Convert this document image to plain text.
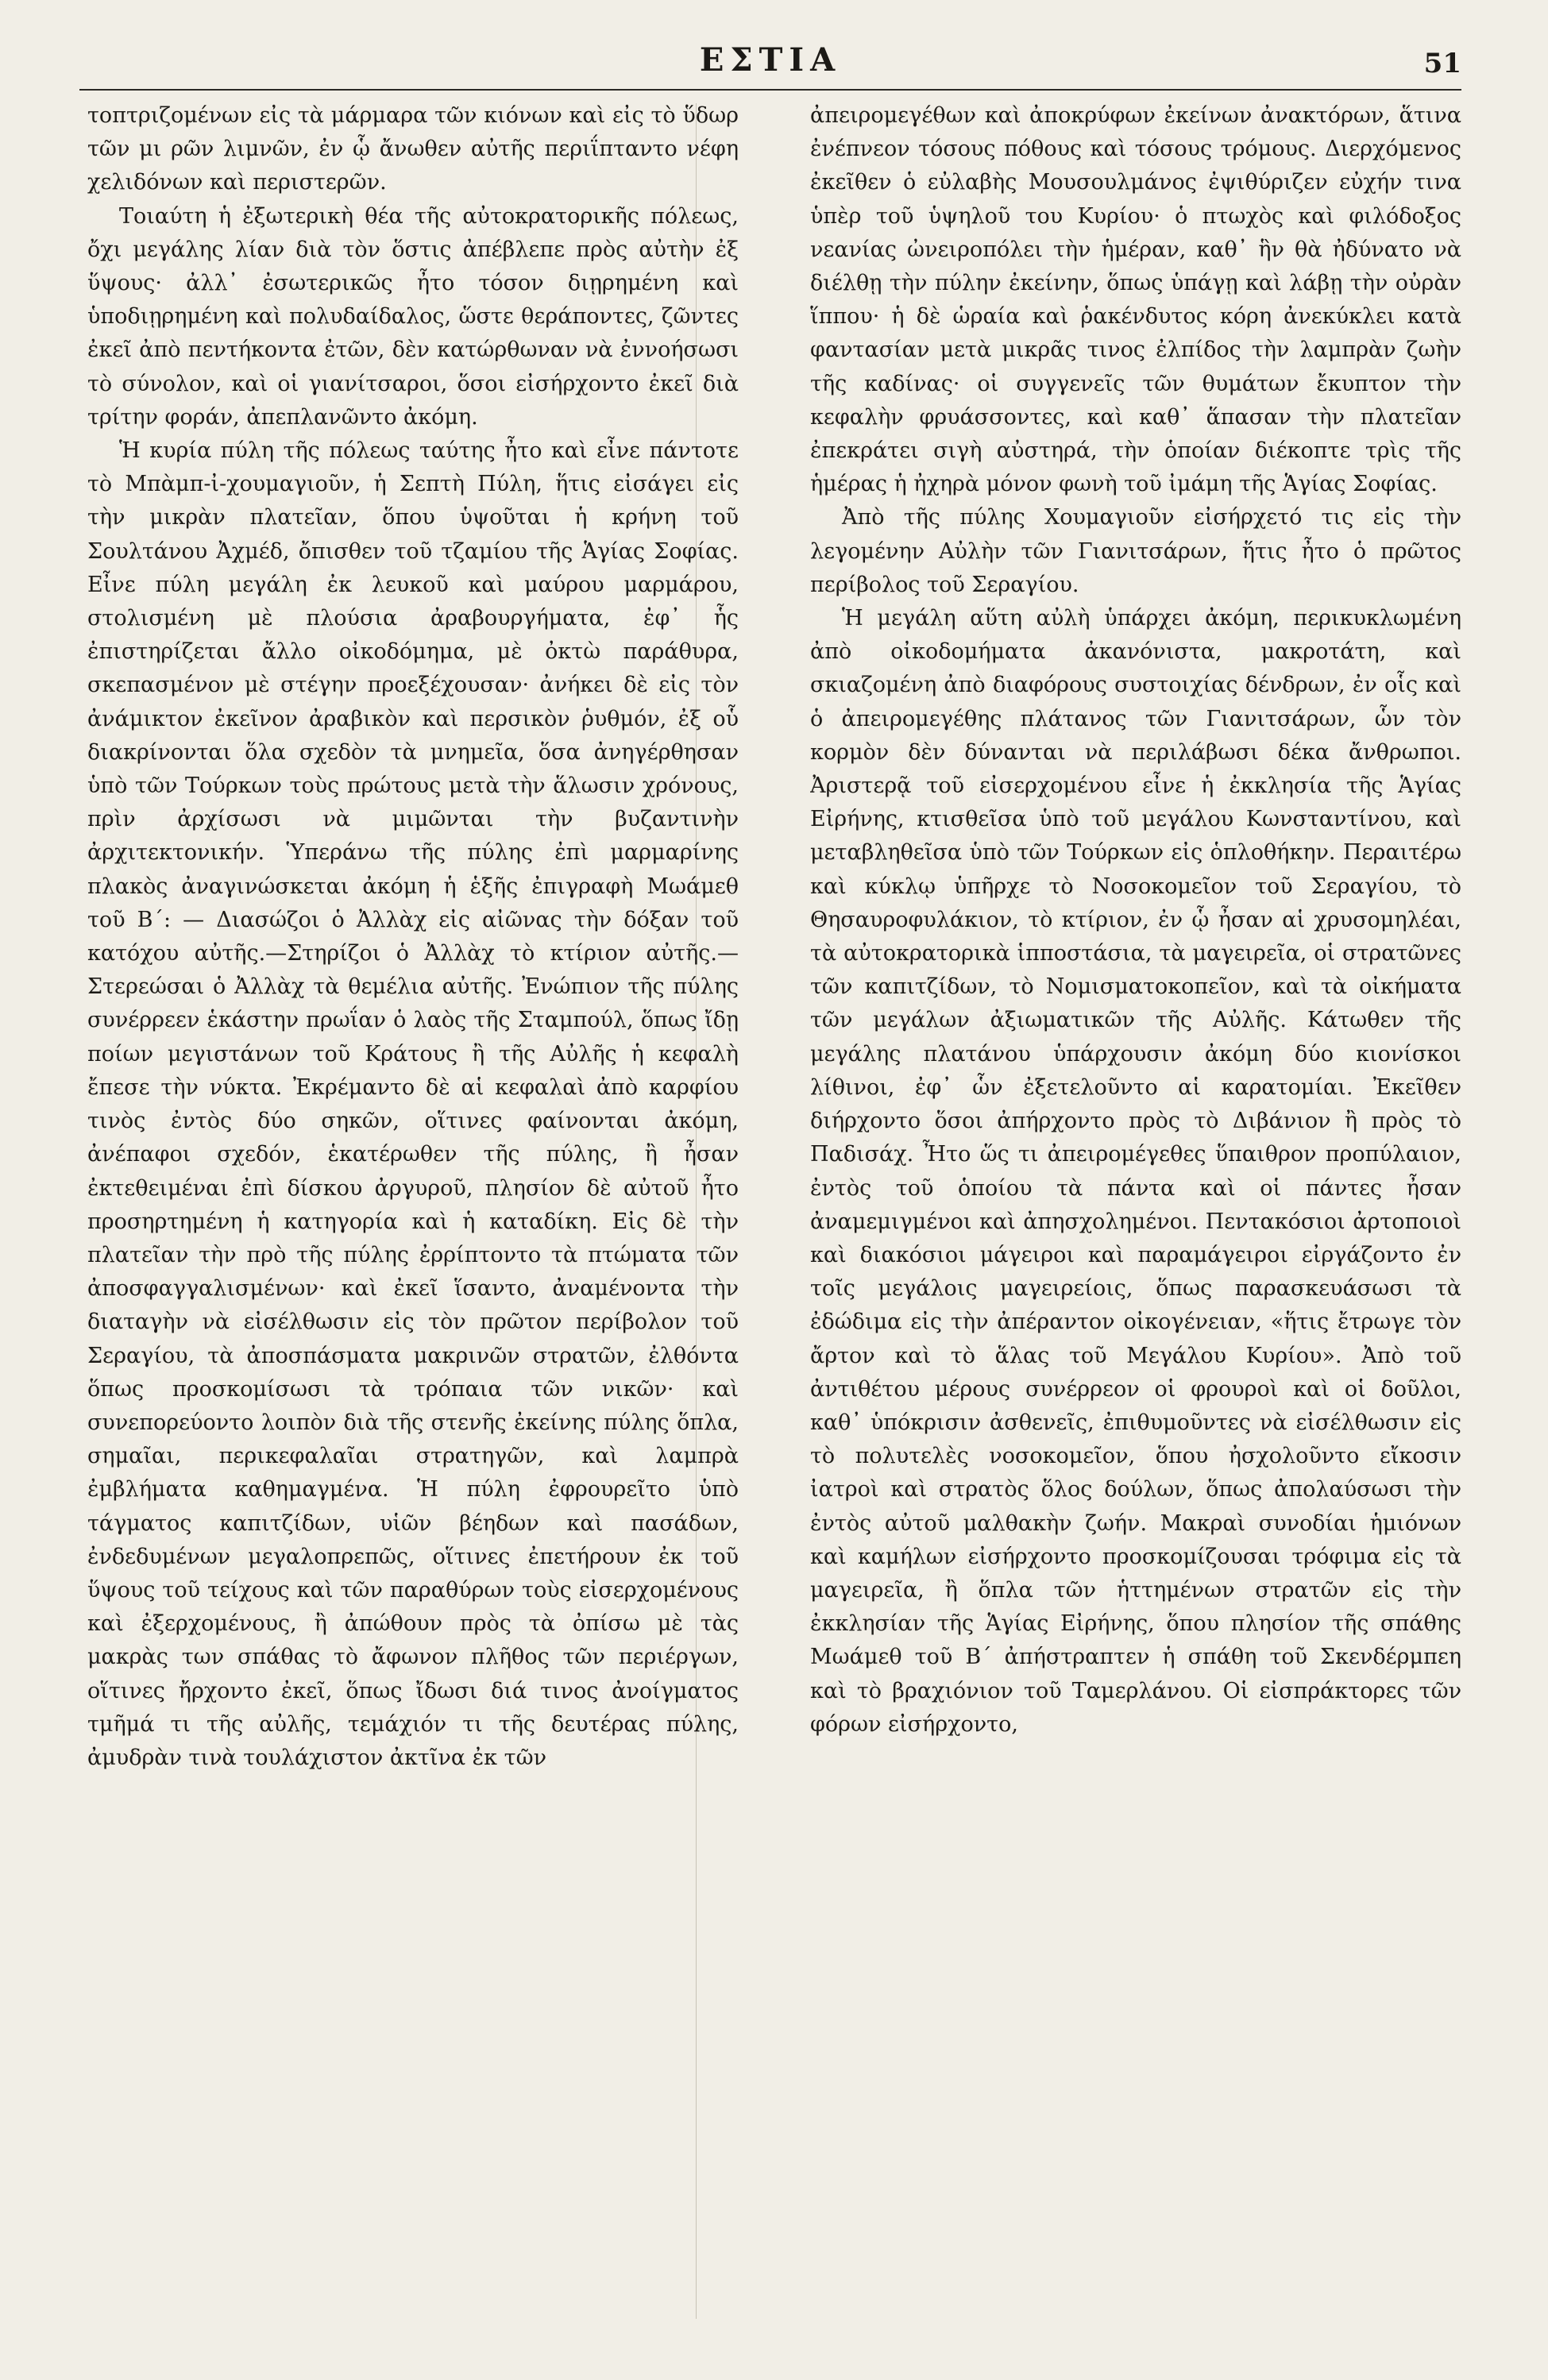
ΕΣΤΙΑ	51

τοπτριζομένων εἰς τὰ μάρμαρα τῶν κιόνων καὶ εἰς τὸ ὕδωρ τῶν μι ρῶν λιμνῶν, ἐν ᾧ ἄνωθεν αὐτῆς περιΐπταντο νέφη χελιδόνων καὶ περιστερῶν.

Τοιαύτη ἡ ἐξωτερικὴ θέα τῆς αὐτοκρατορικῆς πόλεως, ὄχι μεγάλης λίαν διὰ τὸν ὅστις ἀπέβλεπε πρὸς αὐτὴν ἐξ ὕψους· ἀλλ᾽ ἐσωτερικῶς ἦτο τόσον διῃρημένη καὶ ὑποδιῃρημένη καὶ πολυδαίδαλος, ὥστε θεράποντες, ζῶντες ἐκεῖ ἀπὸ πεντήκοντα ἐτῶν, δὲν κατώρθωναν νὰ ἐννοήσωσι τὸ σύνολον, καὶ οἱ γιανίτσαροι, ὅσοι εἰσήρχοντο ἐκεῖ διὰ τρίτην φοράν, ἀπεπλανῶντο ἀκόμη.

Ἡ κυρία πύλη τῆς πόλεως ταύτης ἦτο καὶ εἶνε πάντοτε τὸ Μπὰμπ-ἰ-χουμαγιοῦν, ἡ Σεπτὴ Πύλη, ἥτις εἰσάγει εἰς τὴν μικρὰν πλατεῖαν, ὅπου ὑψοῦται ἡ κρήνη τοῦ Σουλτάνου Ἀχμέδ, ὄπισθεν τοῦ τζαμίου τῆς Ἁγίας Σοφίας. Εἶνε πύλη μεγάλη ἐκ λευκοῦ καὶ μαύρου μαρμάρου, στολισμένη μὲ πλούσια ἀραβουργήματα, ἐφ᾽ ἧς ἐπιστηρίζεται ἄλλο οἰκοδόμημα, μὲ ὀκτὼ παράθυρα, σκεπασμένον μὲ στέγην προεξέχουσαν· ἀνήκει δὲ εἰς τὸν ἀνάμικτον ἐκεῖνον ἀραβικὸν καὶ περσικὸν ῥυθμόν, ἐξ οὗ διακρίνονται ὅλα σχεδὸν τὰ μνημεῖα, ὅσα ἀνηγέρθησαν ὑπὸ τῶν Τούρκων τοὺς πρώτους μετὰ τὴν ἅλωσιν χρόνους, πρὶν ἀρχίσωσι νὰ μιμῶνται τὴν βυζαντινὴν ἀρχιτεκτονικήν. Ὑπεράνω τῆς πύλης ἐπὶ μαρμαρίνης πλακὸς ἀναγινώσκεται ἀκόμη ἡ ἑξῆς ἐπιγραφὴ Μωάμεθ τοῦ Β΄: — Διασώζοι ὁ Ἀλλὰχ εἰς αἰῶνας τὴν δόξαν τοῦ κατόχου αὐτῆς.—Στηρίζοι ὁ Ἀλλὰχ τὸ κτίριον αὐτῆς.—Στερεώσαι ὁ Ἀλλὰχ τὰ θεμέλια αὐτῆς. Ἐνώπιον τῆς πύλης συνέρρεεν ἑκάστην πρωΐαν ὁ λαὸς τῆς Σταμπούλ, ὅπως ἴδῃ ποίων μεγιστάνων τοῦ Κράτους ἢ τῆς Αὐλῆς ἡ κεφαλὴ ἔπεσε τὴν νύκτα. Ἐκρέμαντο δὲ αἱ κεφαλαὶ ἀπὸ καρφίου τινὸς ἐντὸς δύο σηκῶν, οἵτινες φαίνονται ἀκόμη, ἀνέπαφοι σχεδόν, ἑκατέρωθεν τῆς πύλης, ἢ ἦσαν ἐκτεθειμέναι ἐπὶ δίσκου ἀργυροῦ, πλησίον δὲ αὐτοῦ ἦτο προσηρτημένη ἡ κατηγορία καὶ ἡ καταδίκη. Εἰς δὲ τὴν πλατεῖαν τὴν πρὸ τῆς πύλης ἐρρίπτοντο τὰ πτώματα τῶν ἀποσφαγγαλισμένων· καὶ ἐκεῖ ἵσαντο, ἀναμένοντα τὴν διαταγὴν νὰ εἰσέλθωσιν εἰς τὸν πρῶτον περίβολον τοῦ Σεραγίου, τὰ ἀποσπάσματα μακρινῶν στρατῶν, ἐλθόντα ὅπως προσκομίσωσι τὰ τρόπαια τῶν νικῶν· καὶ συνεπορεύοντο λοιπὸν διὰ τῆς στενῆς ἐκείνης πύλης ὅπλα, σημαῖαι, περικεφαλαῖαι στρατηγῶν, καὶ λαμπρὰ ἐμβλήματα καθημαγμένα. Ἡ πύλη ἐφρουρεῖτο ὑπὸ τάγματος καπιτζίδων, υἱῶν βέηδων καὶ πασάδων, ἐνδεδυμένων μεγαλοπρεπῶς, οἵτινες ἐπετήρουν ἐκ τοῦ ὕψους τοῦ τείχους καὶ τῶν παραθύρων τοὺς εἰσερχομένους καὶ ἐξερχομένους, ἢ ἀπώθουν πρὸς τὰ ὀπίσω μὲ τὰς μακρὰς των σπάθας τὸ ἄφωνον πλῆθος τῶν περιέργων, οἵτινες ἤρχοντο ἐκεῖ, ὅπως ἴδωσι διά τινος ἀνοίγματος τμῆμά τι τῆς αὐλῆς, τεμάχιόν τι τῆς δευτέρας πύλης, ἀμυδρὰν τινὰ τουλάχιστον ἀκτῖνα ἐκ τῶν

ἀπειρομεγέθων καὶ ἀποκρύφων ἐκείνων ἀνακτόρων, ἅτινα ἐνέπνεον τόσους πόθους καὶ τόσους τρόμους. Διερχόμενος ἐκεῖθεν ὁ εὐλαβὴς Μουσουλμάνος ἐψιθύριζεν εὐχήν τινα ὑπὲρ τοῦ ὑψηλοῦ του Κυρίου· ὁ πτωχὸς καὶ φιλόδοξος νεανίας ὠνειροπόλει τὴν ἡμέραν, καθ᾽ ἣν θὰ ἠδύνατο νὰ διέλθῃ τὴν πύλην ἐκείνην, ὅπως ὑπάγῃ καὶ λάβῃ τὴν οὐρὰν ἵππου· ἡ δὲ ὡραία καὶ ῥακένδυτος κόρη ἀνεκύκλει κατὰ φαντασίαν μετὰ μικρᾶς τινος ἐλπίδος τὴν λαμπρὰν ζωὴν τῆς καδίνας· οἱ συγγενεῖς τῶν θυμάτων ἔκυπτον τὴν κεφαλὴν φρυάσσοντες, καὶ καθ᾽ ἅπασαν τὴν πλατεῖαν ἐπεκράτει σιγὴ αὐστηρά, τὴν ὁποίαν διέκοπτε τρὶς τῆς ἡμέρας ἡ ἠχηρὰ μόνον φωνὴ τοῦ ἰμάμη τῆς Ἁγίας Σοφίας.

Ἀπὸ τῆς πύλης Χουμαγιοῦν εἰσήρχετό τις εἰς τὴν λεγομένην Αὐλὴν τῶν Γιανιτσάρων, ἥτις ἦτο ὁ πρῶτος περίβολος τοῦ Σεραγίου.

Ἡ μεγάλη αὕτη αὐλὴ ὑπάρχει ἀκόμη, περικυκλωμένη ἀπὸ οἰκοδομήματα ἀκανόνιστα, μακροτάτη, καὶ σκιαζομένη ἀπὸ διαφόρους συστοιχίας δένδρων, ἐν οἷς καὶ ὁ ἀπειρομεγέθης πλάτανος τῶν Γιανιτσάρων, ὧν τὸν κορμὸν δὲν δύνανται νὰ περιλάβωσι δέκα ἄνθρωποι. Ἀριστερᾷ τοῦ εἰσερχομένου εἶνε ἡ ἐκκλησία τῆς Ἁγίας Εἰρήνης, κτισθεῖσα ὑπὸ τοῦ μεγάλου Κωνσταντίνου, καὶ μεταβληθεῖσα ὑπὸ τῶν Τούρκων εἰς ὁπλοθήκην. Περαιτέρω καὶ κύκλῳ ὑπῆρχε τὸ Νοσοκομεῖον τοῦ Σεραγίου, τὸ Θησαυροφυλάκιον, τὸ κτίριον, ἐν ᾧ ἦσαν αἱ χρυσομηλέαι, τὰ αὐτοκρατορικὰ ἱπποστάσια, τὰ μαγειρεῖα, οἱ στρατῶνες τῶν καπιτζίδων, τὸ Νομισματοκοπεῖον, καὶ τὰ οἰκήματα τῶν μεγάλων ἀξιωματικῶν τῆς Αὐλῆς. Κάτωθεν τῆς μεγάλης πλατάνου ὑπάρχουσιν ἀκόμη δύο κιονίσκοι λίθινοι, ἐφ᾽ ὧν ἐξετελοῦντο αἱ καρατομίαι. Ἐκεῖθεν διήρχοντο ὅσοι ἀπήρχοντο πρὸς τὸ Διβάνιον ἢ πρὸς τὸ Παδισάχ. Ἦτο ὥς τι ἀπειρομέγεθες ὕπαιθρον προπύλαιον, ἐντὸς τοῦ ὁποίου τὰ πάντα καὶ οἱ πάντες ἦσαν ἀναμεμιγμένοι καὶ ἀπησχολημένοι. Πεντακόσιοι ἀρτοποιοὶ καὶ διακόσιοι μάγειροι καὶ παραμάγειροι εἰργάζοντο ἐν τοῖς μεγάλοις μαγειρείοις, ὅπως παρασκευάσωσι τὰ ἐδώδιμα εἰς τὴν ἀπέραντον οἰκογένειαν, «ἥτις ἔτρωγε τὸν ἄρτον καὶ τὸ ἅλας τοῦ Μεγάλου Κυρίου». Ἀπὸ τοῦ ἀντιθέτου μέρους συνέρρεον οἱ φρουροὶ καὶ οἱ δοῦλοι, καθ᾽ ὑπόκρισιν ἀσθενεῖς, ἐπιθυμοῦντες νὰ εἰσέλθωσιν εἰς τὸ πολυτελὲς νοσοκομεῖον, ὅπου ἠσχολοῦντο εἴκοσιν ἰατροὶ καὶ στρατὸς ὅλος δούλων, ὅπως ἀπολαύσωσι τὴν ἐντὸς αὐτοῦ μαλθακὴν ζωήν. Μακραὶ συνοδίαι ἡμιόνων καὶ καμήλων εἰσήρχοντο προσκομίζουσαι τρόφιμα εἰς τὰ μαγειρεῖα, ἢ ὅπλα τῶν ἡττημένων στρατῶν εἰς τὴν ἐκκλησίαν τῆς Ἁγίας Εἰρήνης, ὅπου πλησίον τῆς σπάθης Μωάμεθ τοῦ Β΄ ἀπήστραπτεν ἡ σπάθη τοῦ Σκενδέρμπεη καὶ τὸ βραχιόνιον τοῦ Ταμερλάνου. Οἱ εἰσπράκτορες τῶν φόρων εἰσήρχοντο,
